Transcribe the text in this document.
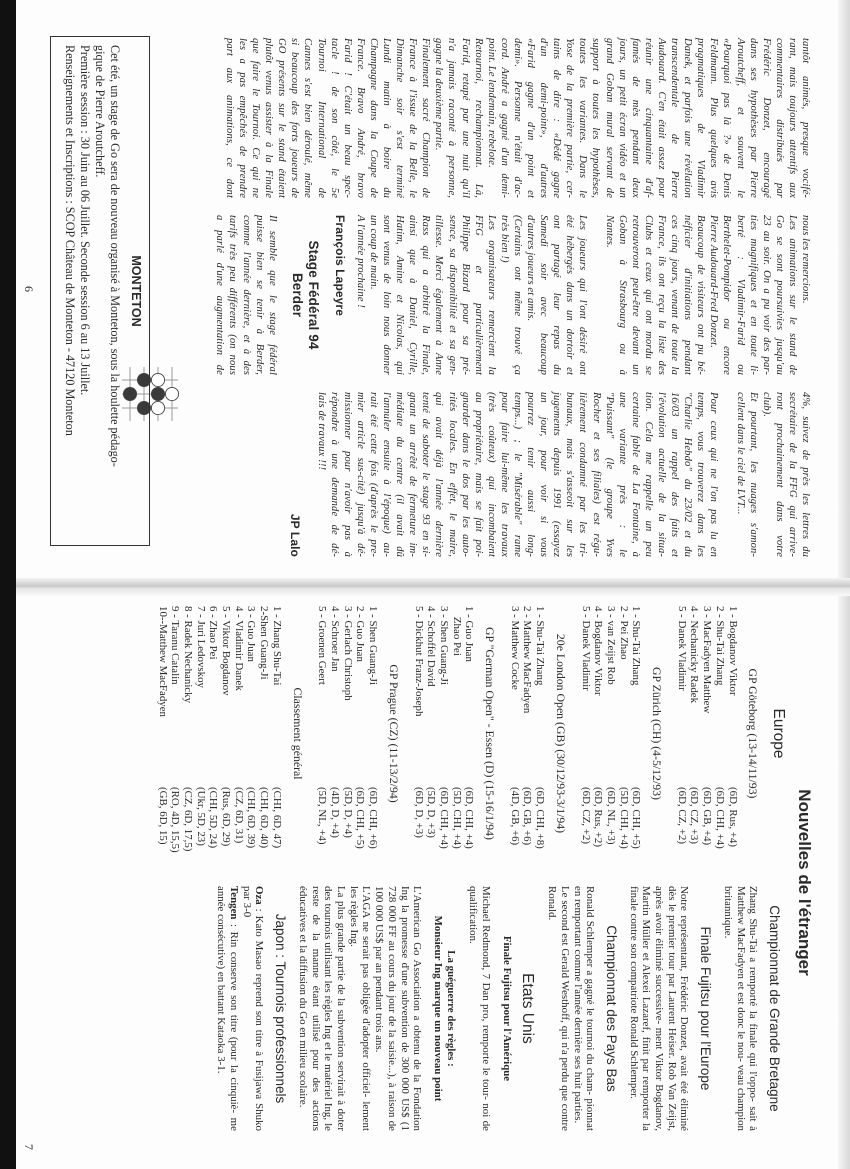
tantôt animés, presque vocifé-
rant, mais toujours attentifs aux
commentaires distribués par
Frédéric Donzet, encouragé
dans ses hypothèses par Pierre
Aroutcheff, et souvent le
«Pourquoi pas là ?» de Denis
Feldmann. Plus quelques avis
pragmatiques de Vladimir
Danek, et parfois une révélation
transcendentale de Pierre
Audouard. C'en était assez pour
réunir une cinquantaine d'af-
famés de mès pendant deux
jours, un petit écran vidéo et un
grand Goban mural servant de
support à toutes les hypothèses,
toutes les variantes. Dans le
Yose de la première partie, cer-
tains de dire : «Dédé gagne
d'un demi-point», d'autres
«Farid gagne d'un point et
demi». Personne n'était d'ac-
cord. André a gagné d'un demi-
point. Le lendemain, rebelote.
Retournoi, rechampionnat. Là,
Farid, retapé par une nuit qu'il
n'a jamais raconté à personne,
gagne la deuxième partie.
Finalement sacré Champion de
France à l'issue de la Belle, le
Dimanche soir s'est terminé
Lundi matin à boire du
Champagne dans la Coupe de
France. Bravo André, bravo
Farid ! C'était un beau spec-
tacle ! de son côté, le 5e
Tournoi International de
Cannes s'est bien déroulé, même
si beaucoup des forts joueurs de
GO présents sur le stand étaient
plutôt venus assister à la Finale
que faire le Tournoi. Ce qui ne
les a pas empêchés de prendre
part aux animations, ce dont
nous les remercions.
Les animations sur le stand de
Go se sont poursuivies jusqu'au
23 au soir. On a pu voir des par-
ties magnifiques et en toute li-
berté : Vladimir-Farid ou
Berthelet-Pompidor ou encore
Pierre Audouard-Fred Donzet.
Beaucoup de visiteurs ont pu bé-
néficier d'initiations pendant
ces cinq jours, venant de toute la
France, ils ont reçu la liste des
Clubs et ceux qui ont mordu se
retrouveront peut-être devant un
Goban à Strasbourg ou à
Nantes.
Les joueurs qui l'ont désiré ont
été hébergés dans un dortoir et
ont partagé leur repas du
Samedi soir avec beaucoup
d'autres joueurs et amis.
(Certains ont même trouvé ça
très bien !)
Les organisateurs remercient la
FFG et particulièrement
Philippe Bizard pour sa pré-
sence, sa disponibilité et sa gen-
tillesse. Merci également à Anne
Rass qui a arbitré la Finale,
ainsi que à Daniel, Cyrille,
Hatim, Amine et Nicolas, qui
sont venus de loin nous donner
un coup de main.
A l'année prochaine !
François Lapeyre
Stage Fédéral 94
Berder
Il semble que le stage fédéral
puisse bien se tenir à Berder,
comme l'année dernière, et à des
tarifs très peu différents (on nous
a parlé d'une augmentation de
4%, suivez de près les lettres du
secrétaire de la FFG qui arrive-
ront prochainement dans votre
club).
Et pourtant, les nuages s'amon-
cellent dans le ciel de LVT...
Pour ceux qui ne l'on pas lu en
temps, vous trouverez dans les
"Charlie Hebdo" du 23/02 et du
16/03 un rappel des faits et
l'évolution actuelle de la situa-
tion. Cela me rappelle un peu
certaine fable de La Fontaine, à
une variante près : le
"Puissant" (le groupe Yves
Rocher et ses filiales) est régu-
lièrement condamné par les tri-
bunaux, mais s'asseoit sur les
jugements depuis 1991 (essayez
un jour, pour voir si vous
pourrez tenir aussi long-
temps...) ; le "Misérable" rame
pour faire lui-même les travaux
(très coûteux) qui incombaient
au propriétaire, mais se fait poi-
gnarder dans le dos par les auto-
rités locales. En effet, le maire,
qui avait déjà l'année dernière
tenté de saboter le stage 93 en si-
gnant un arrêté de fermeture im-
médiate du centre (il avait dû
l'annuler ensuite à l'époque) au-
rait été cette fois (d'après le pre-
mier article sus-cité) jusqu'à dé-
missionner pour n'avoir pas à
répondre à une demande de dé-
lais de travaux !!!
JP Lalo
MONTETON
Cet été, un stage de Go sera de nouveau organisé à Monteton, sous la houlette pédago-
gique de Pierre Aroutcheff.
Première session : 30 Juin au 06 Juillet. Seconde session 6 au 13 Juillet.
Renseignements et Inscriptions : SCOP Château de Monteton - 47120 Monteton
6
Nouvelles de l'étranger
Europe
GP Göteborg (13-14/11/93)
1 - Bogdanov Viktor
(6D, Rus, +4)
2 - Shu-Tai Zhang
(6D, CHI, +4)
3 - MacFadyen Matthew
(6D, GB, +4)
4 - Nechanicky Radek
(6D, CZ, +3)
5 - Danek Vladimir
(6D, CZ, +2)
GP Zürich (CH) (4-5/12/93)
1 - Shu-Tai Zhang
(6D, CHI, +5)
2 - Pei Zhao
(5D, CHI, +4)
3 - van Zeijst Rob
(6D, NL, +3)
4 - Bogdanov Viktor
(6D, Rus, +2)
5 - Danek Vladimir
(6D, CZ, +2)
20e London Open (GB) (30/12/93-3/1/94)
1 - Shu-Tai Zhang
(6D, CHI, +8)
2 - Matthew MacFadyen
(6D, GB, +6)
3 - Matthew Cocke
(4D, GB, +6)
GP "German Open" - Essen (D) (15-16/1/94)
1 - Guo Juan
(6D, CHI, +4)
Zhao Pei
(5D, CHI, +4)
3 - Shen Guang-Ji
(6D, CHI, +4)
4 - Schoffel David
(5D, D, +3)
5 - Dickhut Franz-Joseph
(6D, D, +3)
GP Prague (CZ) (11-13/2/94)
1 - Shen Guang-Ji
(6D, CHI, +6)
2 - Guo Juan
(6D, CHI, +5)
3 - Gerlach Christoph
(5D, D, +4)
4 - Schroer Jan
(4D, D, +4)
5 - Groenen Geert
(5D, NL, +4)
Classement général
1 - Zhang Shu-Tai
(CHI, 6D, 47)
2-Shen Guang-Ji
(CHI, 6D, 40)
3 - Guo Juan
(CHI, 6D, 39)
4 - Vladimir Danek
(CZ, 6D, 31)
5 - Viktor Bogdanov
(Rus, 6D, 29)
6 - Zhao Pei
(CHI, 5D, 24)
7 - Juri Ledovskoy
(Ukr, 5D, 23)
8 - Radek Nechanicky
(CZ, 6D, 17,5)
9 - Taranu Catalin
(RO, 4D, 15,5)
10--Matthew MacFadyen
(GB, 6D, 15)
Championnat de Grande Bretagne
Zhang Shu-Tai a remporté la finale qui l'oppo- sait à Matthew MacFadyen et est donc le nou- veau champion britannique.
Finale Fujitsu pour l'Europe
Notre représentant, Frédéric Donzet, avait été éliminé dès le premier tour par Laurent Heiser. Rob Van Zeijst, après avoir éliminé successive- ment Viktor Bogdanov, Martin Müller et Alexei Lazaref, finit par remporter la finale contre son compatriote Ronald Schlemper.
Championnat des Pays Bas
Ronald Schlemper a gagné le tournoi du cham- pionnat en remportant comme l'année dernière ses huit parties.
Le second est Gerald Westhoff, qui n'a perdu que contre Ronald.
Etats Unis
Finale Fujitsu pour l'Amérique
Michael Redmond, 7 Dan pro, remporte le tour- noi de qualification.
La guéguerre des règles :
Monsieur Ing marque un nouveau point
L'American Go Association a obtenu de la Fondation Ing la promesse d'une subvention de 300 000 US$ (1 728 000 FF au cours du jour de la saisie...), à raison de 100 000 US$ par an pendant trois ans.
L'AGA ne serait pas obligée d'adopter officiel- lement les règles Ing.
La plus grande partie de la subvention servirait à doter des tournois utilisant les règles Ing et le matériel Ing, le reste de la manne étant utilisé pour des actions éducatives et la diffusion du Go en milieu scolaire.
Japon : Tournois professionnels
Oza : Kato Masao reprend son titre à Fusijawa Shuko par 3-0
Tengen : Rin conserve son titre (pour la cinquiè- me année consécutive) en battant Kataoka 3-1.
7
